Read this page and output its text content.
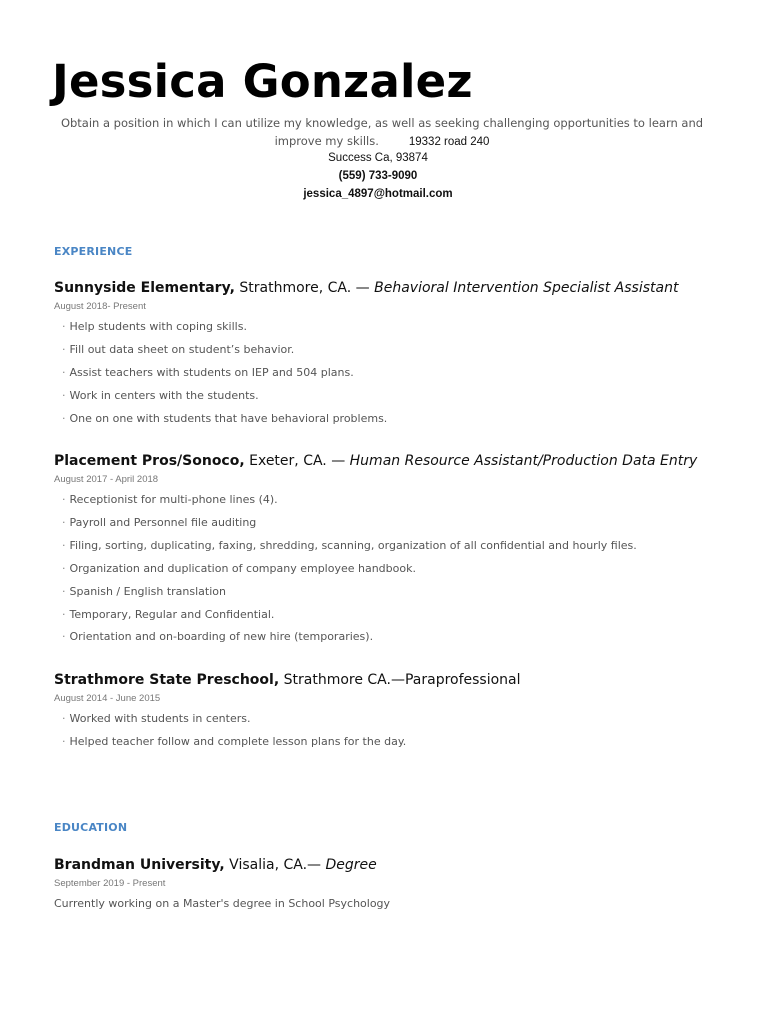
Jessica Gonzalez
Obtain a position in which I can utilize my knowledge, as well as seeking challenging opportunities to learn and improve my skills.	19332 road 240
Success Ca, 93874
(559) 733-9090
jessica_4897@hotmail.com
EXPERIENCE
Sunnyside Elementary, Strathmore, CA. — Behavioral Intervention Specialist Assistant
August 2018- Present
· Help students with coping skills.
· Fill out data sheet on student’s behavior.
· Assist teachers with students on IEP and 504 plans.
· Work in centers with the students.
· One on one with students that have behavioral problems.
Placement Pros/Sonoco, Exeter, CA. — Human Resource Assistant/Production Data Entry
August 2017 - April 2018
· Receptionist for multi-phone lines (4).
· Payroll and Personnel file auditing
· Filing, sorting, duplicating, faxing, shredding, scanning, organization of all confidential and hourly files.
· Organization and duplication of company employee handbook.
· Spanish / English translation
· Temporary, Regular and Confidential.
· Orientation and on-boarding of new hire (temporaries).
Strathmore State Preschool, Strathmore CA.—Paraprofessional
August 2014 - June 2015
· Worked with students in centers.
· Helped teacher follow and complete lesson plans for the day.
EDUCATION
Brandman University, Visalia, CA.— Degree
September 2019 - Present
Currently working on a Master's degree in School Psychology
